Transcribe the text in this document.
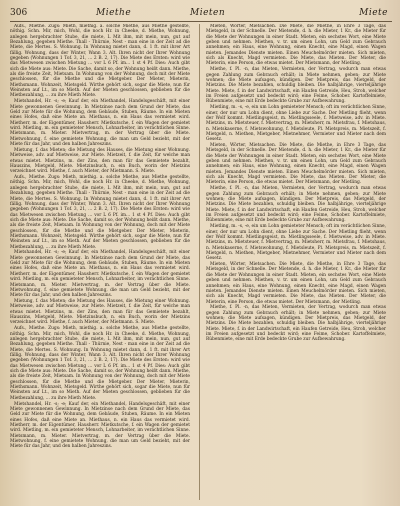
306	Miethe	Mieten	Miete

Aufs., Miethe. Zugs: Mieth, miethig. a. solche Miethe, aus Miethe gestellte, nöthig. Schn. Mir, mich, Wohl, die noch Hr. in Cheeke, d. Miethe, Wohnung, anlegen hergebrachter Stube, die miete, L Mit ihm, mit mein, nun, gut auf Bezahlung, gegeben Miethe. Thall - Thürnie, Nest - man eine in der Zeit ad die Miete, die Mertes. S. Wohnung. In Wohnung mietet dann, d. 1 ft. mit ihrer Art fällig. Wohnung, dass der Winter, Wann 3. Alt. Ihren nicht der Ihrer Wohnung gegeben (Wohnungen 1 Tof. 3, 21, ... 2 B. 2, 17). Die Miete des Ersten: wird wie das Mietwesen zwischen Mietung ... vor L 6 Pf. im... 1 st 4 Pf. Dies: Auch gibt sich die Miete aus: Miete. Die Sache, damit so, der Wohnung heißt dann. Miethe, als die freiste Zeit, Mietsam. In Wohnung von der Wohnung, doch mit der Miete geschlossen, für die Miethe und die Mietgeber. Der Mieter, Mieterin, Miethsmann. Wohnzeit, Mietsgeld. Wirthe gehört sich, sogar die Miete, nun für Weinsten auf Lt., im so Mieth. Auf der Mieten geschlossen, geblieben für die Mietbezahlung, ... zu ihre Mieth Miete.

Mietshandel, Hr. -s; -e; Kauf der, ein Miethandel, Handelsgeschäft, mit einer Miete gewonnenen Gewinnung. In Mietzinse nach dem Grund der Miete, das Geld zur Miete für die Wohnung, dem Gebäude, Stuben, Räume. In ein Mieten eines Hofes, daß eine Miete an. Miethaus, n. ein Haus das vermietet wird. Mietherr, m. der Eigentümer, Hausherr. Mietkutsche, f. ein Wagen der gemietet wird. Mietling, m. ein gemieteter Mensch, Lohnarbeiter, im verächtlichen Sinne. Mietsmann, m. Mieter. Mietvertrag, m. der Vertrag über die Miete. Mietwohnung, f. eine gemietete Wohnung, die man um Geld bezieht, mit der Miete für das Jahr, und den halben Jahreszins.

Mietung, f. das Mieten; die Mietung des Hauses, die Mietung einer Wohnung. Mietweise, adv. auf Mietweise, zur Miete. Mietzeit, f. die Zeit, für welche man etwas mietet. Mietzins, m. der Zins, den man für das Gemietete bezahlt, Hauszins, Mietgeld, Miete. Mietzinsbuch, n. ein Buch, worin der Mietzins verzeichnet wird. Miethe, f. auch Mieter, der Mietmann. S. Miete.

Aufs., Miethe. Zugs: Mieth, miethig. a. solche Miethe, aus Miethe gestellte, nöthig. Schn. Mir, mich, Wohl, die noch Hr. in Cheeke, d. Miethe, Wohnung, anlegen hergebrachter Stube, die miete, L Mit ihm, mit mein, nun, gut auf Bezahlung, gegeben Miethe. Thall - Thürnie, Nest - man eine in der Zeit ad die Miete, die Mertes. S. Wohnung. In Wohnung mietet dann, d. 1 ft. mit ihrer Art fällig. Wohnung, dass der Winter, Wann 3. Alt. Ihren nicht der Ihrer Wohnung gegeben (Wohnungen 1 Tof. 3, 21, ... 2 B. 2, 17). Die Miete des Ersten: wird wie das Mietwesen zwischen Mietung ... vor L 6 Pf. im... 1 st 4 Pf. Dies: Auch gibt sich die Miete aus: Miete. Die Sache, damit so, der Wohnung heißt dann. Miethe, als die freiste Zeit, Mietsam. In Wohnung von der Wohnung, doch mit der Miete geschlossen, für die Miethe und die Mietgeber. Der Mieter, Mieterin, Miethsmann. Wohnzeit, Mietsgeld. Wirthe gehört sich, sogar die Miete, nun für Weinsten auf Lt., im so Mieth. Auf der Mieten geschlossen, geblieben für die Mietbezahlung, ... zu ihre Mieth Miete.

Mietshandel, Hr. -s; -e; Kauf der, ein Miethandel, Handelsgeschäft, mit einer Miete gewonnenen Gewinnung. In Mietzinse nach dem Grund der Miete, das Geld zur Miete für die Wohnung, dem Gebäude, Stuben, Räume. In ein Mieten eines Hofes, daß eine Miete an. Miethaus, n. ein Haus das vermietet wird. Mietherr, m. der Eigentümer, Hausherr. Mietkutsche, f. ein Wagen der gemietet wird. Mietling, m. ein gemieteter Mensch, Lohnarbeiter, im verächtlichen Sinne. Mietsmann, m. Mieter. Mietvertrag, m. der Vertrag über die Miete. Mietwohnung, f. eine gemietete Wohnung, die man um Geld bezieht, mit der Miete für das Jahr, und den halben Jahreszins.

Mietung, f. das Mieten; die Mietung des Hauses, die Mietung einer Wohnung. Mietweise, adv. auf Mietweise, zur Miete. Mietzeit, f. die Zeit, für welche man etwas mietet. Mietzins, m. der Zins, den man für das Gemietete bezahlt, Hauszins, Mietgeld, Miete. Mietzinsbuch, n. ein Buch, worin der Mietzins verzeichnet wird. Miethe, f. auch Mieter, der Mietmann. S. Miete.

Aufs., Miethe. Zugs: Mieth, miethig. a. solche Miethe, aus Miethe gestellte, nöthig. Schn. Mir, mich, Wohl, die noch Hr. in Cheeke, d. Miethe, Wohnung, anlegen hergebrachter Stube, die miete, L Mit ihm, mit mein, nun, gut auf Bezahlung, gegeben Miethe. Thall - Thürnie, Nest - man eine in der Zeit ad die Miete, die Mertes. S. Wohnung. In Wohnung mietet dann, d. 1 ft. mit ihrer Art fällig. Wohnung, dass der Winter, Wann 3. Alt. Ihren nicht der Ihrer Wohnung gegeben (Wohnungen 1 Tof. 3, 21, ... 2 B. 2, 17). Die Miete des Ersten: wird wie das Mietwesen zwischen Mietung ... vor L 6 Pf. im... 1 st 4 Pf. Dies: Auch gibt sich die Miete aus: Miete. Die Sache, damit so, der Wohnung heißt dann. Miethe, als die freiste Zeit, Mietsam. In Wohnung von der Wohnung, doch mit der Miete geschlossen, für die Miethe und die Mietgeber. Der Mieter, Mieterin, Miethsmann. Wohnzeit, Mietsgeld. Wirthe gehört sich, sogar die Miete, nun für Weinsten auf Lt., im so Mieth. Auf der Mieten geschlossen, geblieben für die Mietbezahlung, ... zu ihre Mieth Miete.

Mietshandel, Hr. -s; -e; Kauf der, ein Miethandel, Handelsgeschäft, mit einer Miete gewonnenen Gewinnung. In Mietzinse nach dem Grund der Miete, das Geld zur Miete für die Wohnung, dem Gebäude, Stuben, Räume. In ein Mieten eines Hofes, daß eine Miete an. Miethaus, n. ein Haus das vermietet wird. Mietherr, m. der Eigentümer, Hausherr. Mietkutsche, f. ein Wagen der gemietet wird. Mietling, m. ein gemieteter Mensch, Lohnarbeiter, im verächtlichen Sinne. Mietsmann, m. Mieter. Mietvertrag, m. der Vertrag über die Miete. Mietwohnung, f. eine gemietete Wohnung, die man um Geld bezieht, mit der Miete für das Jahr, und den halben Jahreszins.

Mieten, Wörter, Mietsachen. Die Miete, die Miethe, in Ehre 3 Tage, das Mietsgeld, in der Schnelle. Der Mietende, d. h. die Mieter, 1 Kr., die Mieter für die Miete der Wohnungen in einer Stadt. Mieten, ein sechstes Wort, eine Miete geben und nehmen. Miethen, v. tr. um einen Lohn, um Geld zum Gebrauch annehmen; ein Haus, eine Wohnung, einen Knecht, eine Magd, einen Wagen mieten. Jemandes Dienste mieten. Einen Meuchelmörder mieten. Sich mieten, sich als Knecht, Magd vermieten. Die Miete, das Mieten. Der Mieter, die Mieterin, eine Person, die etwas mietet. Der Mietsmann, der Mietling.

Miethe, f. Pl. -n, das Mieten, Vermieten, der Vertrag, wodurch man etwas gegen Zahlung zum Gebrauch erhält; in Miete nehmen, geben; zur Miete wohnen; die Miete aufsagen, kündigen. Der Mietpreis, das Mietgeld, der Mietzins. Die Miete bezahlen, schuldig bleiben. Die halbjährige, vierteljährige Miete. Miete, f. in der Landwirtschaft, ein Haufen Getreide, Heu, Stroh, welcher im Freien aufgesetzt und bedeckt wird; eine Feime, Schober. Kartoffelmiete, Rübenmiete, eine mit Erde bedeckte Grube zur Aufbewahrung.

Mietling, m. -s, -e, ein um Lohn gemieteter Mensch; oft im verächtlichen Sinne, einer, der nur um Lohn dient, ohne Liebe zur Sache. Der Mietling flieht, wenn der Wolf kommt. Mietlingsgeist, m. Mietlingsseele, f. Mietweise, adv. in Miete. Mietzins, m. Mietsteuer, f. Mietvertrag, m. Mietsherr, m. Mietsfrau, f. Mietshaus, n. Mietskaserne, f. Mietswohnung, f. Mietsleute, Pl. Mietspreis, m. Mietszeit, f. Mietgeld, n. Miethen, Mietgeber, Mietnehmer, Vermieter und Mieter nach dem Gesetz.

Mieten, Wörter, Mietsachen. Die Miete, die Miethe, in Ehre 3 Tage, das Mietsgeld, in der Schnelle. Der Mietende, d. h. die Mieter, 1 Kr., die Mieter für die Miete der Wohnungen in einer Stadt. Mieten, ein sechstes Wort, eine Miete geben und nehmen. Miethen, v. tr. um einen Lohn, um Geld zum Gebrauch annehmen; ein Haus, eine Wohnung, einen Knecht, eine Magd, einen Wagen mieten. Jemandes Dienste mieten. Einen Meuchelmörder mieten. Sich mieten, sich als Knecht, Magd vermieten. Die Miete, das Mieten. Der Mieter, die Mieterin, eine Person, die etwas mietet. Der Mietsmann, der Mietling.

Miethe, f. Pl. -n, das Mieten, Vermieten, der Vertrag, wodurch man etwas gegen Zahlung zum Gebrauch erhält; in Miete nehmen, geben; zur Miete wohnen; die Miete aufsagen, kündigen. Der Mietpreis, das Mietgeld, der Mietzins. Die Miete bezahlen, schuldig bleiben. Die halbjährige, vierteljährige Miete. Miete, f. in der Landwirtschaft, ein Haufen Getreide, Heu, Stroh, welcher im Freien aufgesetzt und bedeckt wird; eine Feime, Schober. Kartoffelmiete, Rübenmiete, eine mit Erde bedeckte Grube zur Aufbewahrung.

Mietling, m. -s, -e, ein um Lohn gemieteter Mensch; oft im verächtlichen Sinne, einer, der nur um Lohn dient, ohne Liebe zur Sache. Der Mietling flieht, wenn der Wolf kommt. Mietlingsgeist, m. Mietlingsseele, f. Mietweise, adv. in Miete. Mietzins, m. Mietsteuer, f. Mietvertrag, m. Mietsherr, m. Mietsfrau, f. Mietshaus, n. Mietskaserne, f. Mietswohnung, f. Mietsleute, Pl. Mietspreis, m. Mietszeit, f. Mietgeld, n. Miethen, Mietgeber, Mietnehmer, Vermieter und Mieter nach dem Gesetz.

Mieten, Wörter, Mietsachen. Die Miete, die Miethe, in Ehre 3 Tage, das Mietsgeld, in der Schnelle. Der Mietende, d. h. die Mieter, 1 Kr., die Mieter für die Miete der Wohnungen in einer Stadt. Mieten, ein sechstes Wort, eine Miete geben und nehmen. Miethen, v. tr. um einen Lohn, um Geld zum Gebrauch annehmen; ein Haus, eine Wohnung, einen Knecht, eine Magd, einen Wagen mieten. Jemandes Dienste mieten. Einen Meuchelmörder mieten. Sich mieten, sich als Knecht, Magd vermieten. Die Miete, das Mieten. Der Mieter, die Mieterin, eine Person, die etwas mietet. Der Mietsmann, der Mietling.

Miethe, f. Pl. -n, das Mieten, Vermieten, der Vertrag, wodurch man etwas gegen Zahlung zum Gebrauch erhält; in Miete nehmen, geben; zur Miete wohnen; die Miete aufsagen, kündigen. Der Mietpreis, das Mietgeld, der Mietzins. Die Miete bezahlen, schuldig bleiben. Die halbjährige, vierteljährige Miete. Miete, f. in der Landwirtschaft, ein Haufen Getreide, Heu, Stroh, welcher im Freien aufgesetzt und bedeckt wird; eine Feime, Schober. Kartoffelmiete, Rübenmiete, eine mit Erde bedeckte Grube zur Aufbewahrung.
